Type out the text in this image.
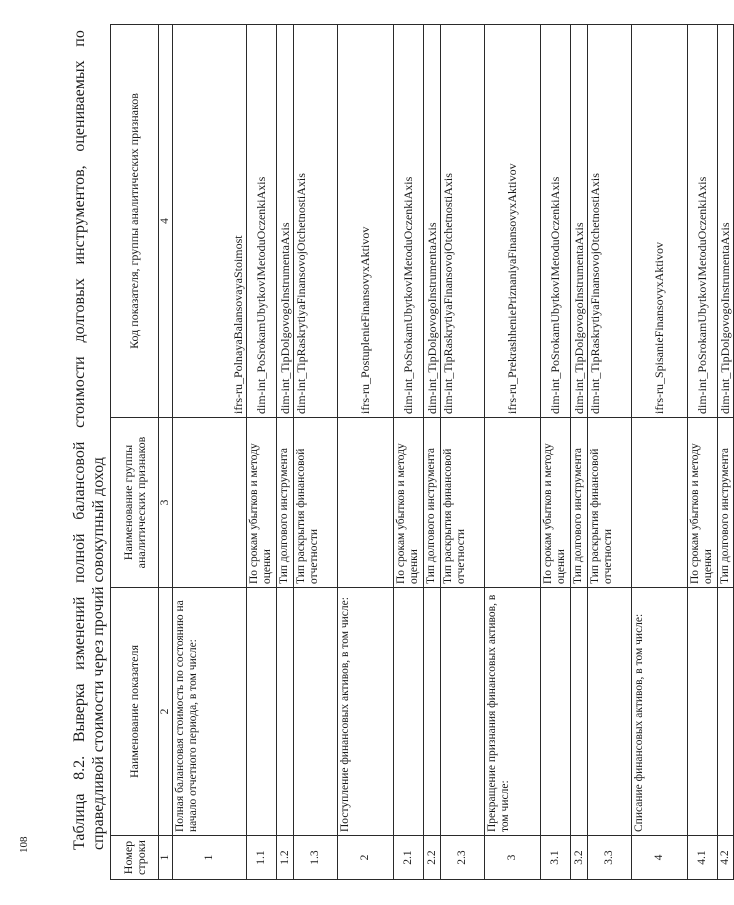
108	Таблица
8.2.
Выверка
изменений
полной
балансовой
стоимости
долговых
инструментов,
оцениваемых
по
справедливой стоимости через прочий совокупный доход
Номер строки	Наименование показателя	Наименование группы аналитических признаков	Код показателя, группы аналитических признаков
1	2	3	4
1	Полная балансовая стоимость по состоянию на начало отчетного периода, в том числе:		ifrs-ru_PolnayaBalansovayaStoimost
1.1		По срокам убытков и методу оценки	dim-int_PoSrokamUbytkovIMetoduOczenkiAxis
1.2		Тип долгового инструмента	dim-int_TipDolgovogoInstrumentaAxis
1.3		Тип раскрытия финансовой отчетности	dim-int_TipRaskrytiyaFinansovojOtchetnostiAxis
2	Поступление финансовых активов, в том числе:		ifrs-ru_PostuplenieFinansovyxAktivov
2.1		По срокам убытков и методу оценки	dim-int_PoSrokamUbytkovIMetoduOczenkiAxis
2.2		Тип долгового инструмента	dim-int_TipDolgovogoInstrumentaAxis
2.3		Тип раскрытия финансовой отчетности	dim-int_TipRaskrytiyaFinansovojOtchetnostiAxis
3	Прекращение признания финансовых активов, в том числе:		ifrs-ru_PrekrashheniePriznaniyaFinansovyxAktivov
3.1		По срокам убытков и методу оценки	dim-int_PoSrokamUbytkovIMetoduOczenkiAxis
3.2		Тип долгового инструмента	dim-int_TipDolgovogoInstrumentaAxis
3.3		Тип раскрытия финансовой отчетности	dim-int_TipRaskrytiyaFinansovojOtchetnostiAxis
4	Списание финансовых активов, в том числе:		ifrs-ru_SpisanieFinansovyxAktivov
4.1		По срокам убытков и методу оценки	dim-int_PoSrokamUbytkovIMetoduOczenkiAxis
4.2		Тип долгового инструмента	dim-int_TipDolgovogoInstrumentaAxis
